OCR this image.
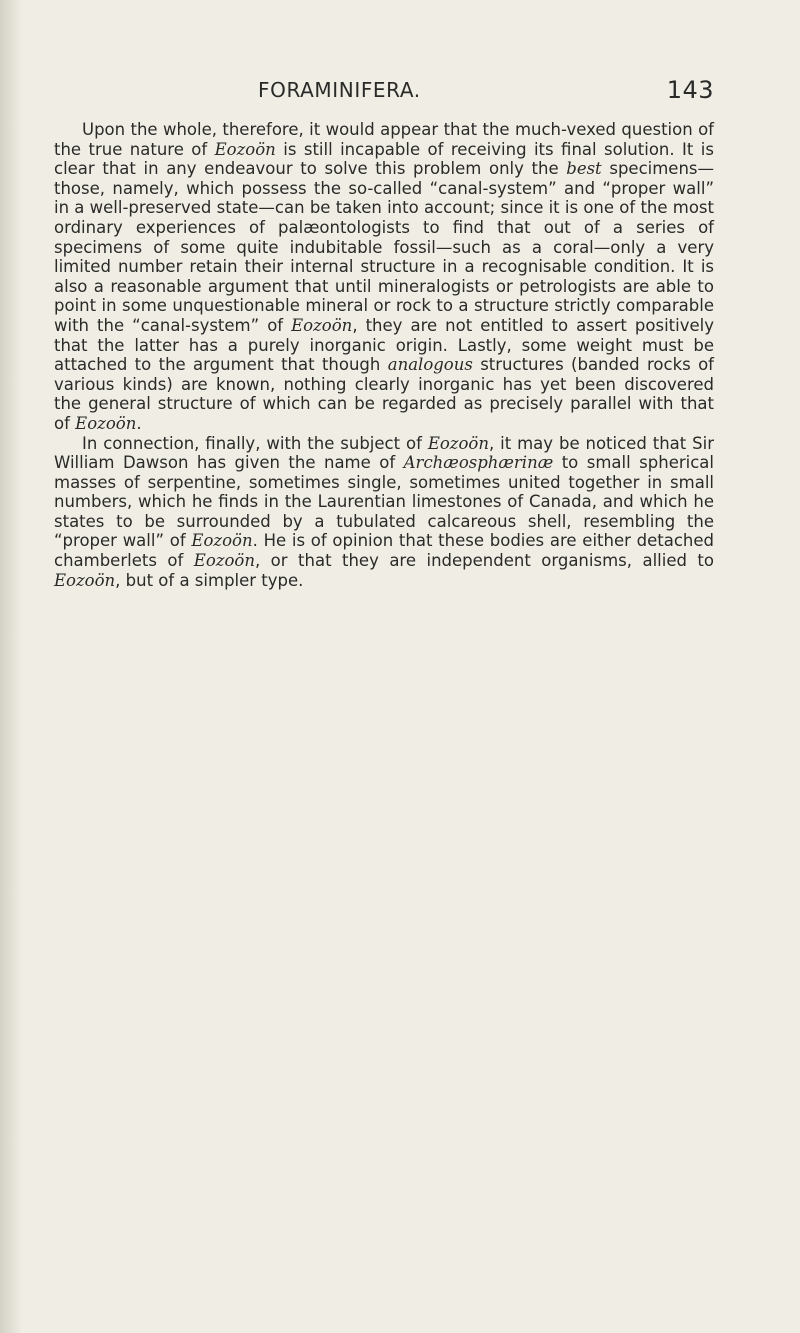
FORAMINIFERA.	143

Upon the whole, therefore, it would appear that the much-vexed question of the true nature of Eozoön is still incapable of receiving its final solution. It is clear that in any endeavour to solve this problem only the best specimens—those, namely, which possess the so-called “canal-system” and “proper wall” in a well-preserved state—can be taken into account; since it is one of the most ordinary experiences of palæontologists to find that out of a series of specimens of some quite indubitable fossil—such as a coral—only a very limited number retain their internal structure in a recognisable condition. It is also a reasonable argument that until mineralogists or petrologists are able to point in some unquestionable mineral or rock to a structure strictly comparable with the “canal-system” of Eozoön, they are not entitled to assert positively that the latter has a purely inorganic origin. Lastly, some weight must be attached to the argument that though analogous structures (banded rocks of various kinds) are known, nothing clearly inorganic has yet been discovered the general structure of which can be regarded as precisely parallel with that of Eozoön.

In connection, finally, with the subject of Eozoön, it may be noticed that Sir William Dawson has given the name of Archæosphærinæ to small spherical masses of serpentine, sometimes single, sometimes united together in small numbers, which he finds in the Laurentian limestones of Canada, and which he states to be surrounded by a tubulated calcareous shell, resembling the “proper wall” of Eozoön. He is of opinion that these bodies are either detached chamberlets of Eozoön, or that they are independent organisms, allied to Eozoön, but of a simpler type.
